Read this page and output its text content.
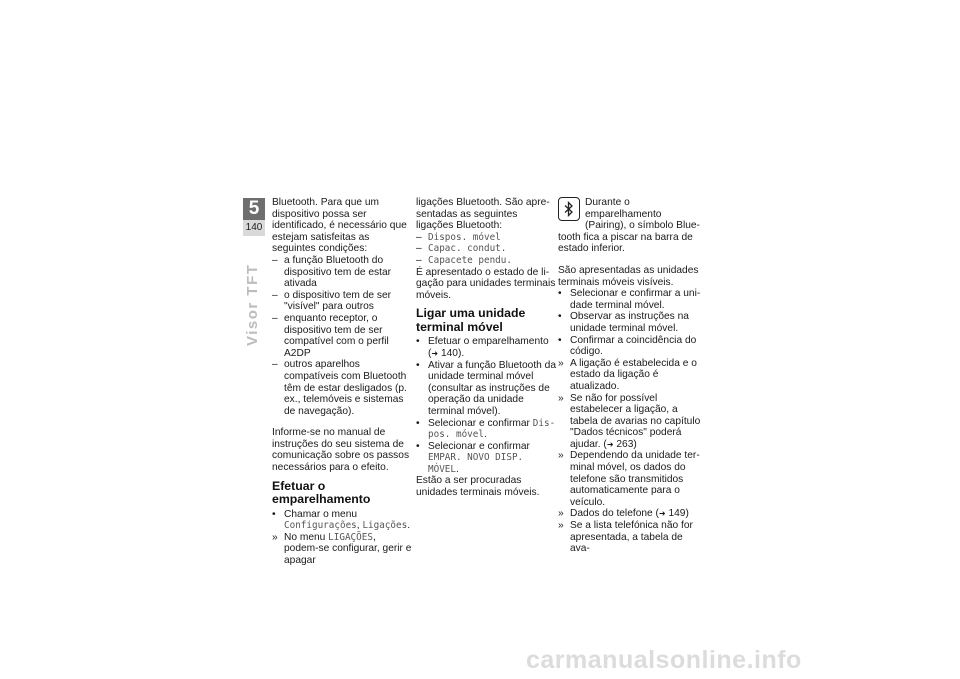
5
140
Visor TFT

Bluetooth. Para que um dispositivo possa ser identificado, é necessário que estejam satisfeitas as seguintes condições:

– a função Bluetooth do dispositivo tem de estar ativada
– o dispositivo tem de ser "visível" para outros
– enquanto receptor, o dispositivo tem de ser compatível com o perfil A2DP
– outros aparelhos compatíveis com Bluetooth têm de estar desligados (p. ex., telemóveis e sistemas de navegação).

Informe-se no manual de instruções do seu sistema de comunicação sobre os passos necessários para o efeito.

Efetuar o emparelhamento
• Chamar o menu Configurações, Ligações.
» No menu LIGAÇÕES, podem-se configurar, gerir e apagar

ligações Bluetooth. São apresentadas as seguintes ligações Bluetooth:

– Dispos. móvel
– Capac. condut.
– Capacete pendu.

É apresentado o estado de ligação para unidades terminais móveis.

Ligar uma unidade terminal móvel
• Efetuar o emparelhamento (➜ 140).
• Ativar a função Bluetooth da unidade terminal móvel (consultar as instruções de operação da unidade terminal móvel).
• Selecionar e confirmar Dispos. móvel.
• Selecionar e confirmar EMPAR. NOVO DISP. MÓVEL.

Estão a ser procuradas unidades terminais móveis.

Durante o emparelhamento (Pairing), o símbolo Bluetooth fica a piscar na barra de estado inferior.

São apresentadas as unidades terminais móveis visíveis.

• Selecionar e confirmar a unidade terminal móvel.
• Observar as instruções na unidade terminal móvel.
• Confirmar a coincidência do código.
» A ligação é estabelecida e o estado da ligação é atualizado.
» Se não for possível estabelecer a ligação, a tabela de avarias no capítulo "Dados técnicos" poderá ajudar. (➜ 263)
» Dependendo da unidade terminal móvel, os dados do telefone são transmitidos automaticamente para o veículo.
» Dados do telefone (➜ 149)
» Se a lista telefónica não for apresentada, a tabela de ava-
carmanualsonline.info
